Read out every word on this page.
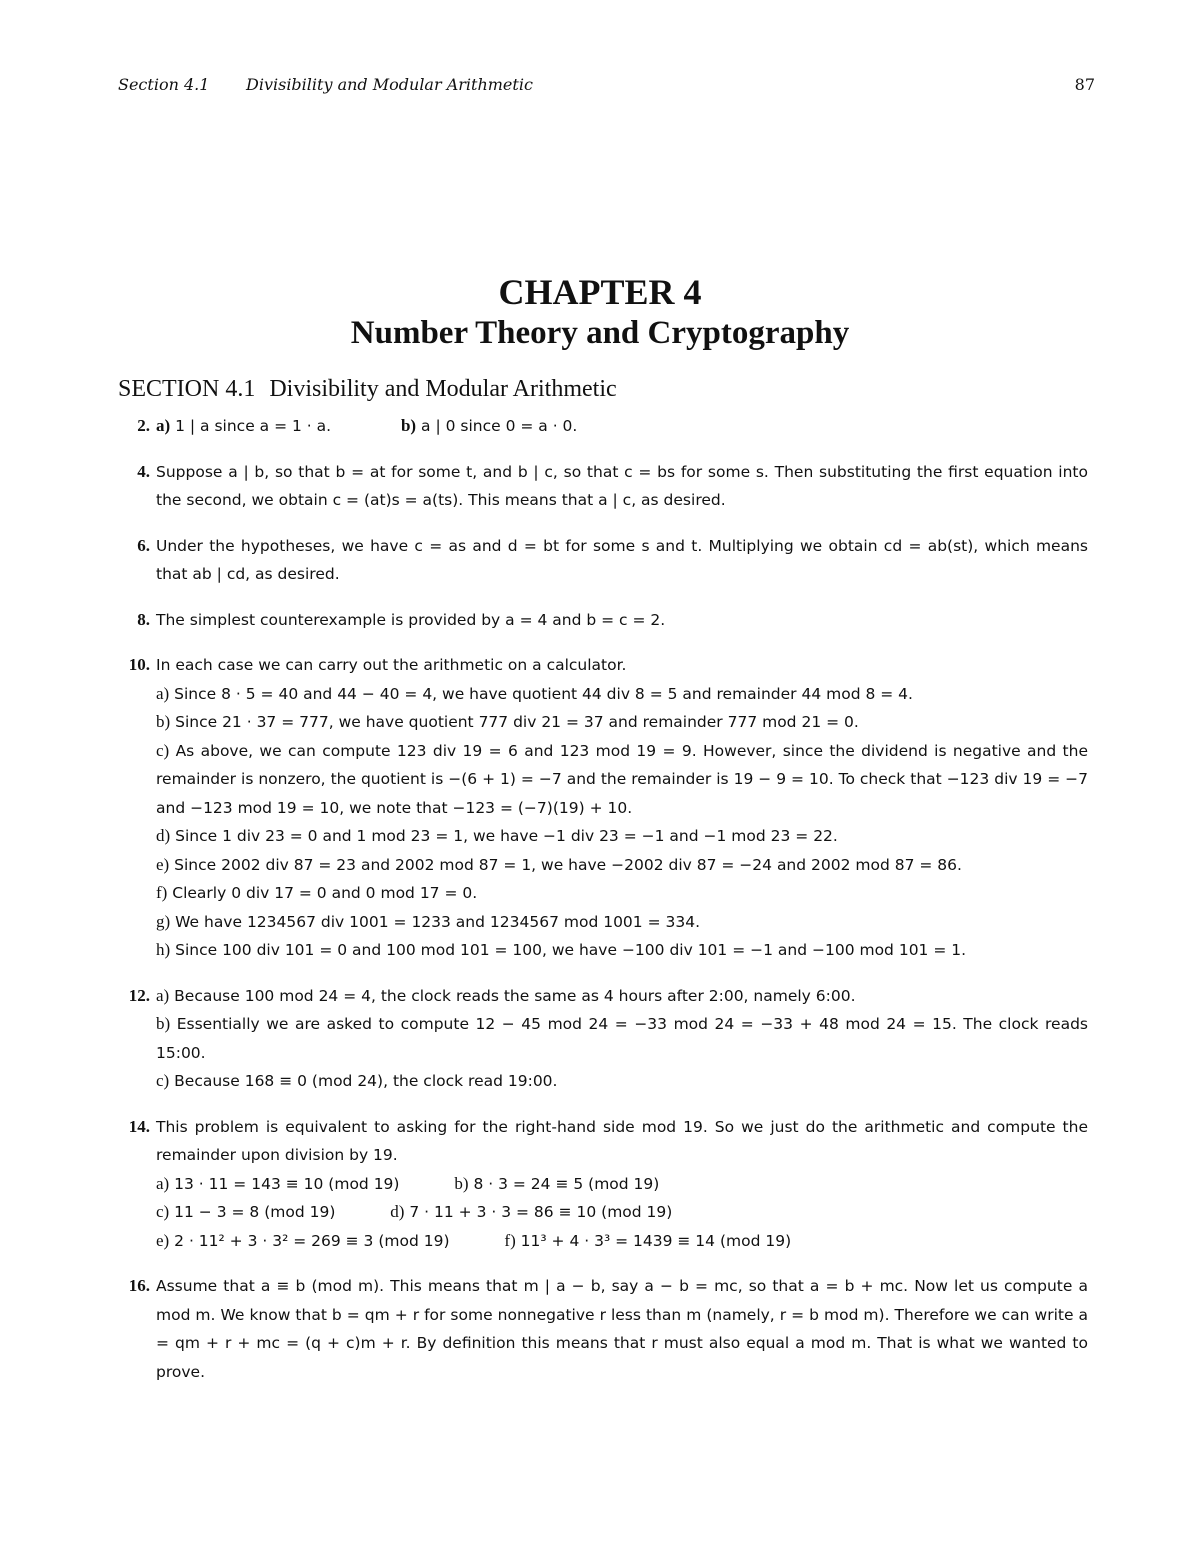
Section 4.1 Divisibility and Modular Arithmetic	87
CHAPTER 4
Number Theory and Cryptography
SECTION 4.1 Divisibility and Modular Arithmetic
2. a) 1 | a since a = 1 · a.	b) a | 0 since 0 = a · 0.
4. Suppose a | b, so that b = at for some t, and b | c, so that c = bs for some s. Then substituting the first equation into the second, we obtain c = (at)s = a(ts). This means that a | c, as desired.
6. Under the hypotheses, we have c = as and d = bt for some s and t. Multiplying we obtain cd = ab(st), which means that ab | cd, as desired.
8. The simplest counterexample is provided by a = 4 and b = c = 2.
10. In each case we can carry out the arithmetic on a calculator.
a) Since 8 · 5 = 40 and 44 − 40 = 4, we have quotient 44 div 8 = 5 and remainder 44 mod 8 = 4.
b) Since 21 · 37 = 777, we have quotient 777 div 21 = 37 and remainder 777 mod 21 = 0.
c) As above, we can compute 123 div 19 = 6 and 123 mod 19 = 9. However, since the dividend is negative and the remainder is nonzero, the quotient is −(6 + 1) = −7 and the remainder is 19 − 9 = 10. To check that −123 div 19 = −7 and −123 mod 19 = 10, we note that −123 = (−7)(19) + 10.
d) Since 1 div 23 = 0 and 1 mod 23 = 1, we have −1 div 23 = −1 and −1 mod 23 = 22.
e) Since 2002 div 87 = 23 and 2002 mod 87 = 1, we have −2002 div 87 = −24 and 2002 mod 87 = 86.
f) Clearly 0 div 17 = 0 and 0 mod 17 = 0.
g) We have 1234567 div 1001 = 1233 and 1234567 mod 1001 = 334.
h) Since 100 div 101 = 0 and 100 mod 101 = 100, we have −100 div 101 = −1 and −100 mod 101 = 1.
12. a) Because 100 mod 24 = 4, the clock reads the same as 4 hours after 2:00, namely 6:00.
b) Essentially we are asked to compute 12 − 45 mod 24 = −33 mod 24 = −33 + 48 mod 24 = 15. The clock reads 15:00.
c) Because 168 ≡ 0 (mod 24), the clock read 19:00.
14. This problem is equivalent to asking for the right-hand side mod 19. So we just do the arithmetic and compute the remainder upon division by 19.
a) 13 · 11 = 143 ≡ 10 (mod 19)	b) 8 · 3 = 24 ≡ 5 (mod 19)
c) 11 − 3 = 8 (mod 19)	d) 7 · 11 + 3 · 3 = 86 ≡ 10 (mod 19)
e) 2 · 11² + 3 · 3² = 269 ≡ 3 (mod 19)	f) 11³ + 4 · 3³ = 1439 ≡ 14 (mod 19)
16. Assume that a ≡ b (mod m). This means that m | a − b, say a − b = mc, so that a = b + mc. Now let us compute a mod m. We know that b = qm + r for some nonnegative r less than m (namely, r = b mod m). Therefore we can write a = qm + r + mc = (q + c)m + r. By definition this means that r must also equal a mod m. That is what we wanted to prove.
